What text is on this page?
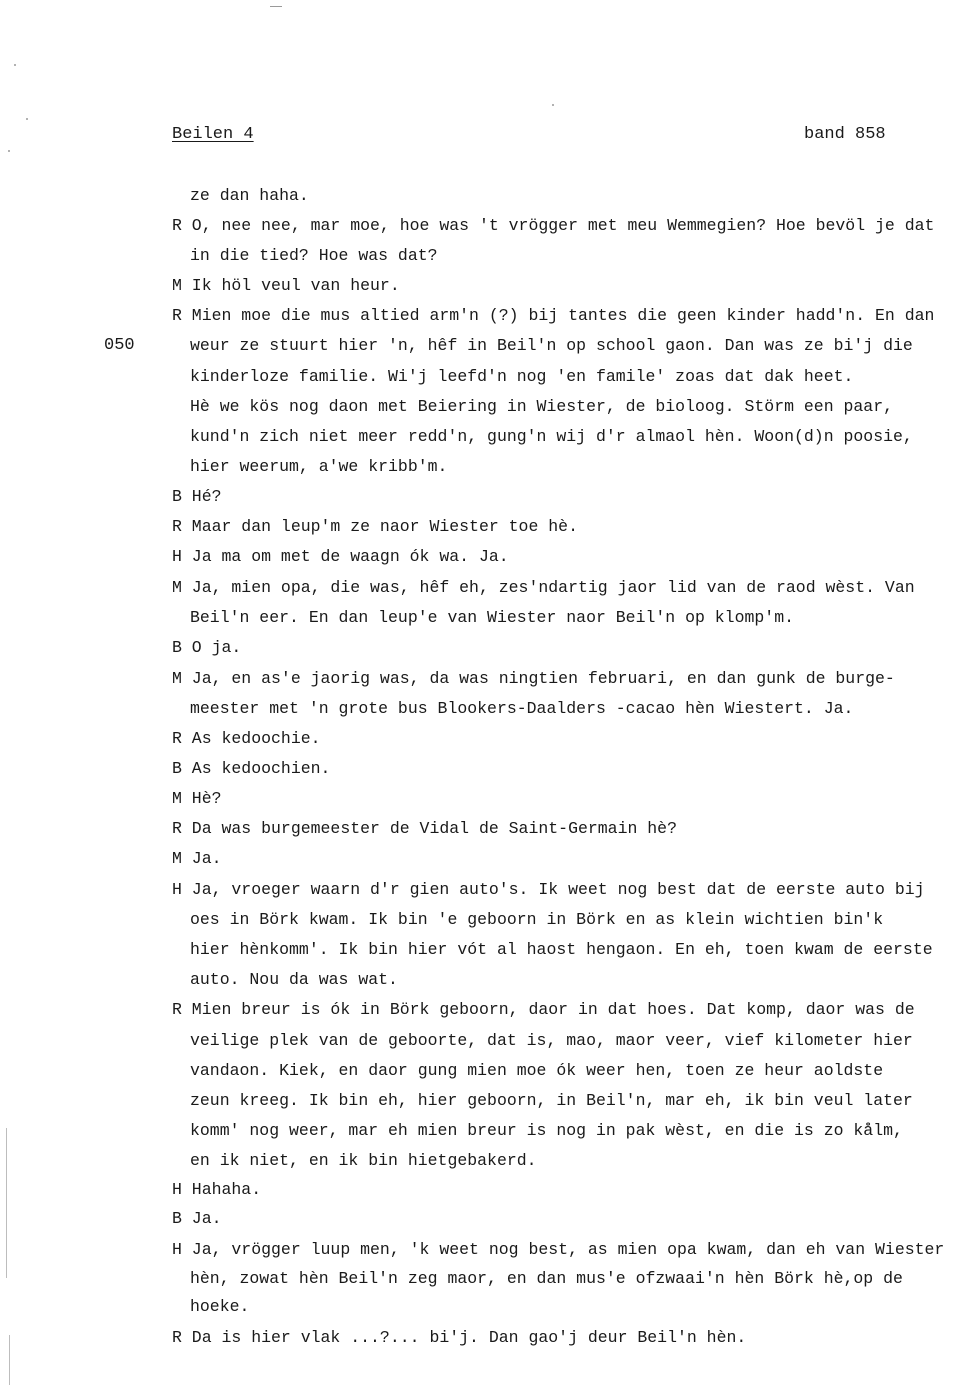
Beilen 4	band 858
050
ze dan haha.
R O, nee nee, mar moe, hoe was 't vrögger met meu Wemmegien? Hoe bevöl je dat
in die tied? Hoe was dat?
M Ik höl veul van heur.
R Mien moe die mus altied arm'n (?) bij tantes die geen kinder hadd'n. En dan
weur ze stuurt hier 'n, hêf in Beil'n op school gaon. Dan was ze bi'j die
kinderloze familie. Wi'j leefd'n nog 'en famile' zoas dat dak heet.
Hè we kös nog daon met Beiering in Wiester, de bioloog. Störm een paar,
kund'n zich niet meer redd'n, gung'n wij d'r almaol hèn. Woon(d)n poosie,
hier weerum, a'we kribb'm.
B Hé?
R Maar dan leup'm ze naor Wiester toe hè.
H Ja ma om met de waagn ók wa. Ja.
M Ja, mien opa, die was, hêf eh, zes'ndartig jaor lid van de raod wèst. Van
Beil'n eer. En dan leup'e van Wiester naor Beil'n op klomp'm.
B O ja.
M Ja, en as'e jaorig was, da was ningtien februari, en dan gunk de burge-
meester met 'n grote bus Blookers-Daalders -cacao hèn Wiestert. Ja.
R As kedoochie.
B As kedoochien.
M Hè?
R Da was burgemeester de Vidal de Saint-Germain hè?
M Ja.
H Ja, vroeger waarn d'r gien auto's. Ik weet nog best dat de eerste auto bij
oes in Börk kwam. Ik bin 'e geboorn in Börk en as klein wichtien bin'k
hier hènkomm'. Ik bin hier vót al haost hengaon. En eh, toen kwam de eerste
auto. Nou da was wat.
R Mien breur is ók in Börk geboorn, daor in dat hoes. Dat komp, daor was de
veilige plek van de geboorte, dat is, mao, maor veer, vief kilometer hier
vandaon. Kiek, en daor gung mien moe ók weer hen, toen ze heur aoldste
zeun kreeg. Ik bin eh, hier geboorn, in Beil'n, mar eh, ik bin veul later
komm' nog weer, mar eh mien breur is nog in pak wèst, en die is zo kålm,
en ik niet, en ik bin hietgebakerd.
H Hahaha.
B Ja.
H Ja, vrögger luup men, 'k weet nog best, as mien opa kwam, dan eh van Wiester
hèn, zowat hèn Beil'n zeg maor, en dan mus'e ofzwaai'n hèn Börk hè,op de
hoeke.
R Da is hier vlak ...?... bi'j. Dan gao'j deur Beil'n hèn.
